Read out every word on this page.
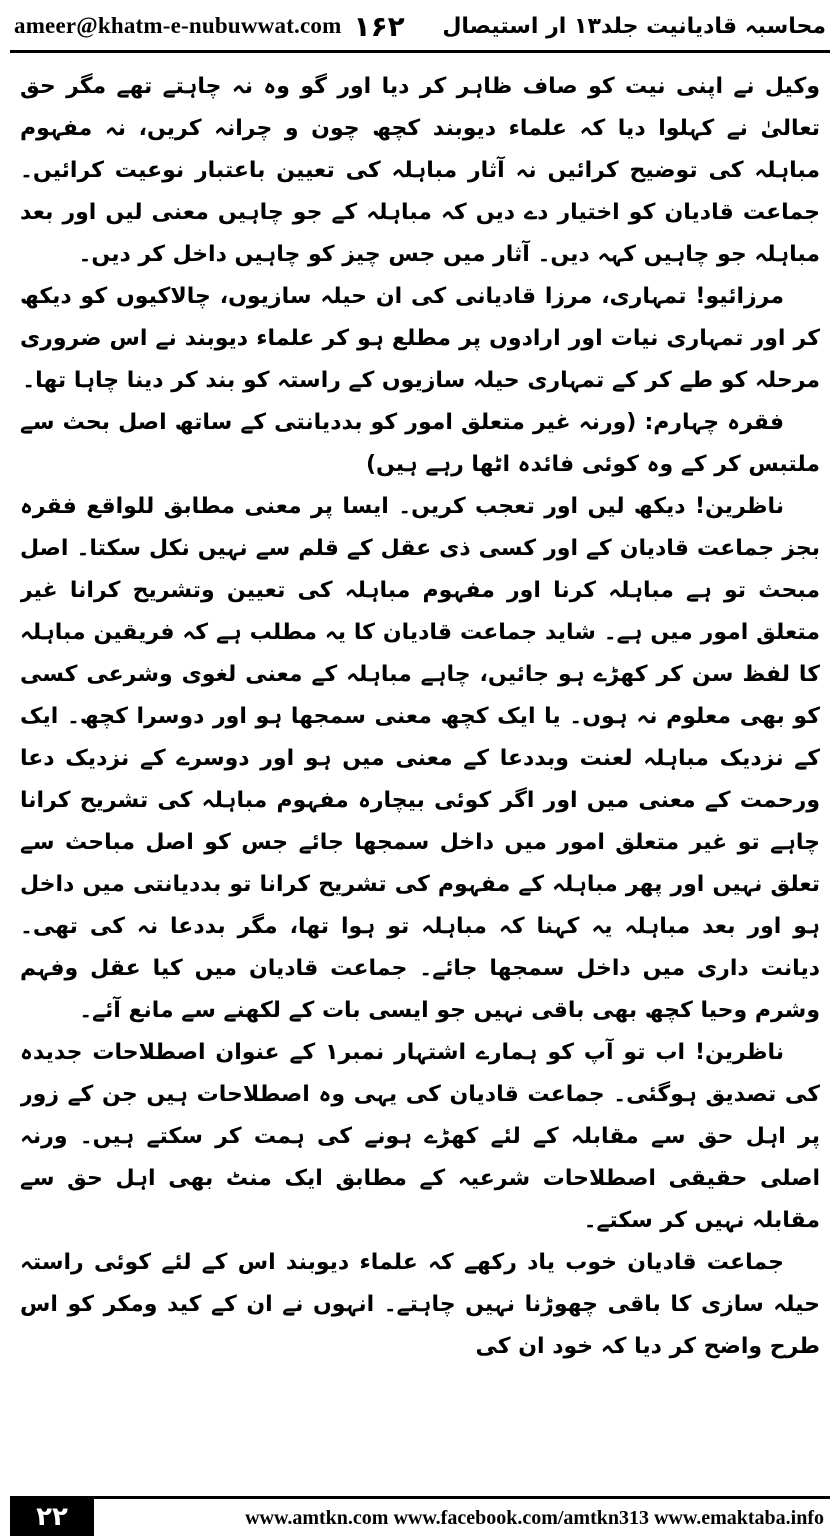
ameer@khatm-e-nubuwwat.com ۱۶۲ محاسبہ قادیانیت جلد۱۳ ار استیصال

وکیل نے اپنی نیت کو صاف ظاہر کر دیا اور گو وہ نہ چاہتے تھے مگر حق تعالیٰ نے کہلوا دیا کہ علماء دیوبند کچھ چون و چرانہ کریں، نہ مفہوم مباہلہ کی توضیح کرائیں نہ آثار مباہلہ کی تعیین باعتبار نوعیت کرائیں۔ جماعت قادیان کو اختیار دے دیں کہ مباہلہ کے جو چاہیں معنی لیں اور بعد مباہلہ جو چاہیں کہہ دیں۔ آثار میں جس چیز کو چاہیں داخل کر دیں۔

مرزائیو! تمہاری، مرزا قادیانی کی ان حیلہ سازیوں، چالاکیوں کو دیکھ کر اور تمہاری نیات اور ارادوں پر مطلع ہو کر علماء دیوبند نے اس ضروری مرحلہ کو طے کر کے تمہاری حیلہ سازیوں کے راستہ کو بند کر دینا چاہا تھا۔

فقرہ چہارم: (ورنہ غیر متعلق امور کو بددیانتی کے ساتھ اصل بحث سے ملتبس کر کے وہ کوئی فائدہ اٹھا رہے ہیں)

ناظرین! دیکھ لیں اور تعجب کریں۔ ایسا پر معنی مطابق للواقع فقرہ بجز جماعت قادیان کے اور کسی ذی عقل کے قلم سے نہیں نکل سکتا۔ اصل مبحث تو ہے مباہلہ کرنا اور مفہوم مباہلہ کی تعیین وتشریح کرانا غیر متعلق امور میں ہے۔ شاید جماعت قادیان کا یہ مطلب ہے کہ فریقین مباہلہ کا لفظ سن کر کھڑے ہو جائیں، چاہے مباہلہ کے معنی لغوی وشرعی کسی کو بھی معلوم نہ ہوں۔ یا ایک کچھ معنی سمجھا ہو اور دوسرا کچھ۔ ایک کے نزدیک مباہلہ لعنت وبددعا کے معنی میں ہو اور دوسرے کے نزدیک دعا ورحمت کے معنی میں اور اگر کوئی بیچارہ مفہوم مباہلہ کی تشریح کرانا چاہے تو غیر متعلق امور میں داخل سمجھا جائے جس کو اصل مباحث سے تعلق نہیں اور پھر مباہلہ کے مفہوم کی تشریح کرانا تو بددیانتی میں داخل ہو اور بعد مباہلہ یہ کہنا کہ مباہلہ تو ہوا تھا، مگر بددعا نہ کی تھی۔ دیانت داری میں داخل سمجھا جائے۔ جماعت قادیان میں کیا عقل وفہم وشرم وحیا کچھ بھی باقی نہیں جو ایسی بات کے لکھنے سے مانع آئے۔

ناظرین! اب تو آپ کو ہمارے اشتہار نمبر۱ کے عنوان اصطلاحات جدیدہ کی تصدیق ہوگئی۔ جماعت قادیان کی یہی وہ اصطلاحات ہیں جن کے زور پر اہل حق سے مقابلہ کے لئے کھڑے ہونے کی ہمت کر سکتے ہیں۔ ورنہ اصلی حقیقی اصطلاحات شرعیہ کے مطابق ایک منٹ بھی اہل حق سے مقابلہ نہیں کر سکتے۔

جماعت قادیان خوب یاد رکھے کہ علماء دیوبند اس کے لئے کوئی راستہ حیلہ سازی کا باقی چھوڑنا نہیں چاہتے۔ انہوں نے ان کے کید ومکر کو اس طرح واضح کر دیا کہ خود ان کی

۲۲	www.amtkn.com www.facebook.com/amtkn313 www.emaktaba.info
